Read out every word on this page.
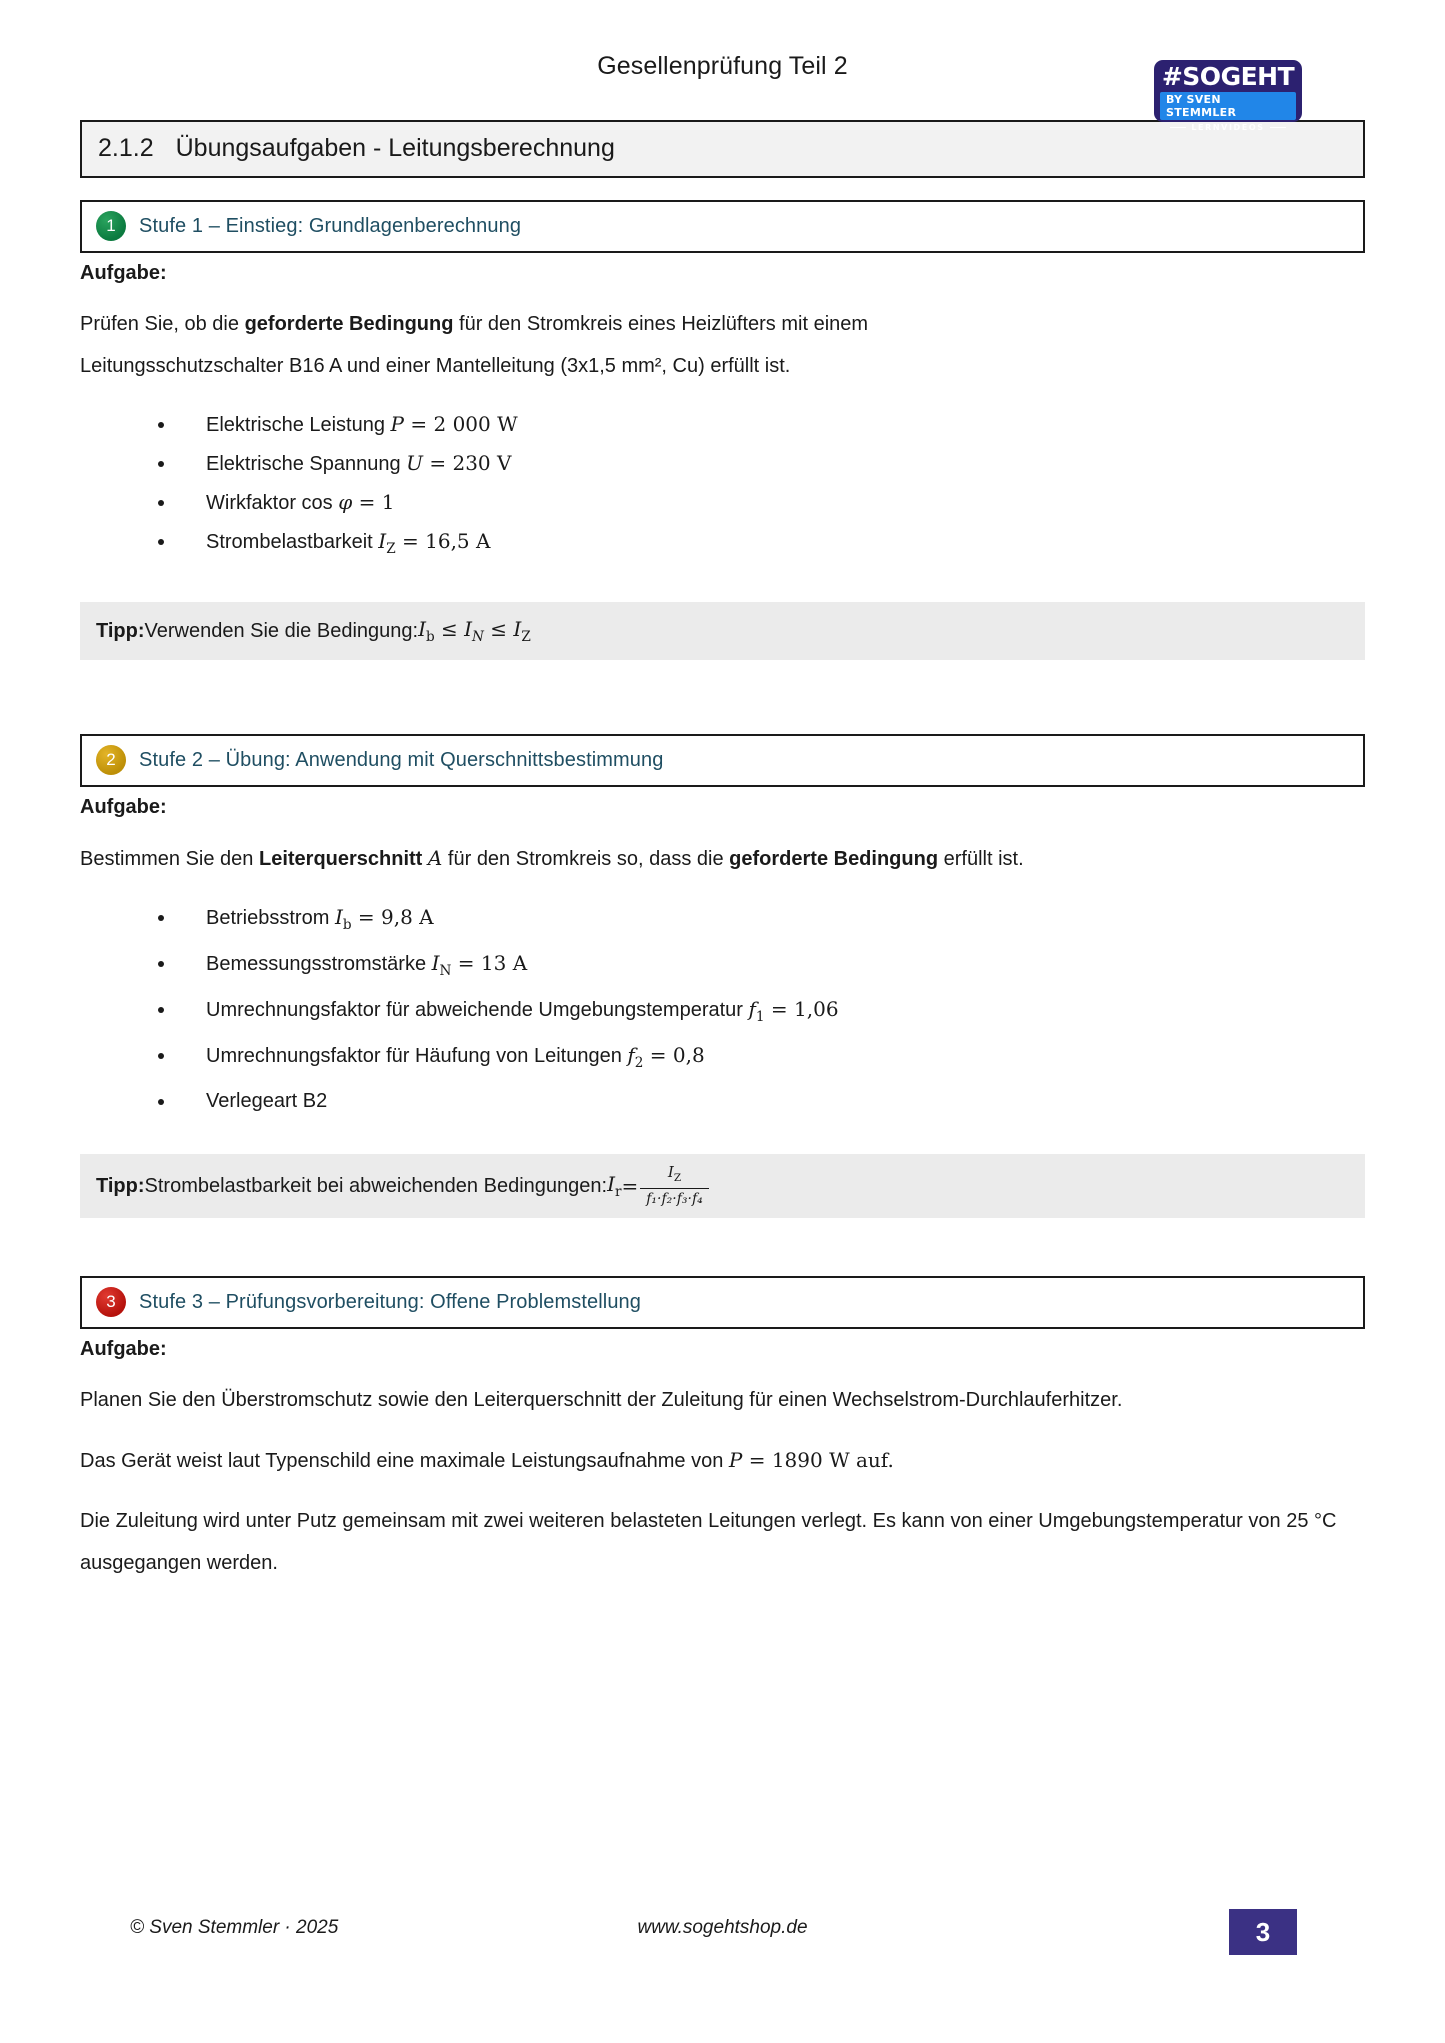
Gesellenprüfung Teil 2	#SOGEHT
BY SVEN STEMMLER
LERNVIDEOS
2.1.2 Übungsaufgaben - Leitungsberechnung
1	Stufe 1 – Einstieg: Grundlagenberechnung
Aufgabe:
Prüfen Sie, ob die geforderte Bedingung für den Stromkreis eines Heizlüfters mit einem
Leitungsschutzschalter B16 A und einer Mantelleitung (3x1,5 mm², Cu) erfüllt ist.
Elektrische Leistung P = 2 000 W
Elektrische Spannung U = 230 V
Wirkfaktor cos φ = 1
Strombelastbarkeit $I_Z = 16,5$ A
Tipp: Verwenden Sie die Bedingung: $I_b \le I_N \le I_Z$
2	Stufe 2 – Übung: Anwendung mit Querschnittsbestimmung
Aufgabe:
Bestimmen Sie den Leiterquerschnitt A für den Stromkreis so, dass die geforderte Bedingung erfüllt ist.
Betriebsstrom $I_b = 9,8$ A
Bemessungsstromstärke $I_N = 13$ A
Umrechnungsfaktor für abweichende Umgebungstemperatur $f_1 = 1,06$
Umrechnungsfaktor für Häufung von Leitungen $f_2 = 0,8$
Verlegeart B2
Tipp: Strombelastbarkeit bei abweichenden Bedingungen: $I_r = \frac{I_Z}{\text{f₁·f₂·f₃·f₄}}$
3	Stufe 3 – Prüfungsvorbereitung: Offene Problemstellung
Aufgabe:
Planen Sie den Überstromschutz sowie den Leiterquerschnitt der Zuleitung für einen Wechselstrom-Durchlauferhitzer.
Das Gerät weist laut Typenschild eine maximale Leistungsaufnahme von P = 1890 W auf.
Die Zuleitung wird unter Putz gemeinsam mit zwei weiteren belasteten Leitungen verlegt. Es kann von einer Umgebungstemperatur von 25 °C ausgegangen werden.
© Sven Stemmler · 2025	www.sogehtshop.de	3
